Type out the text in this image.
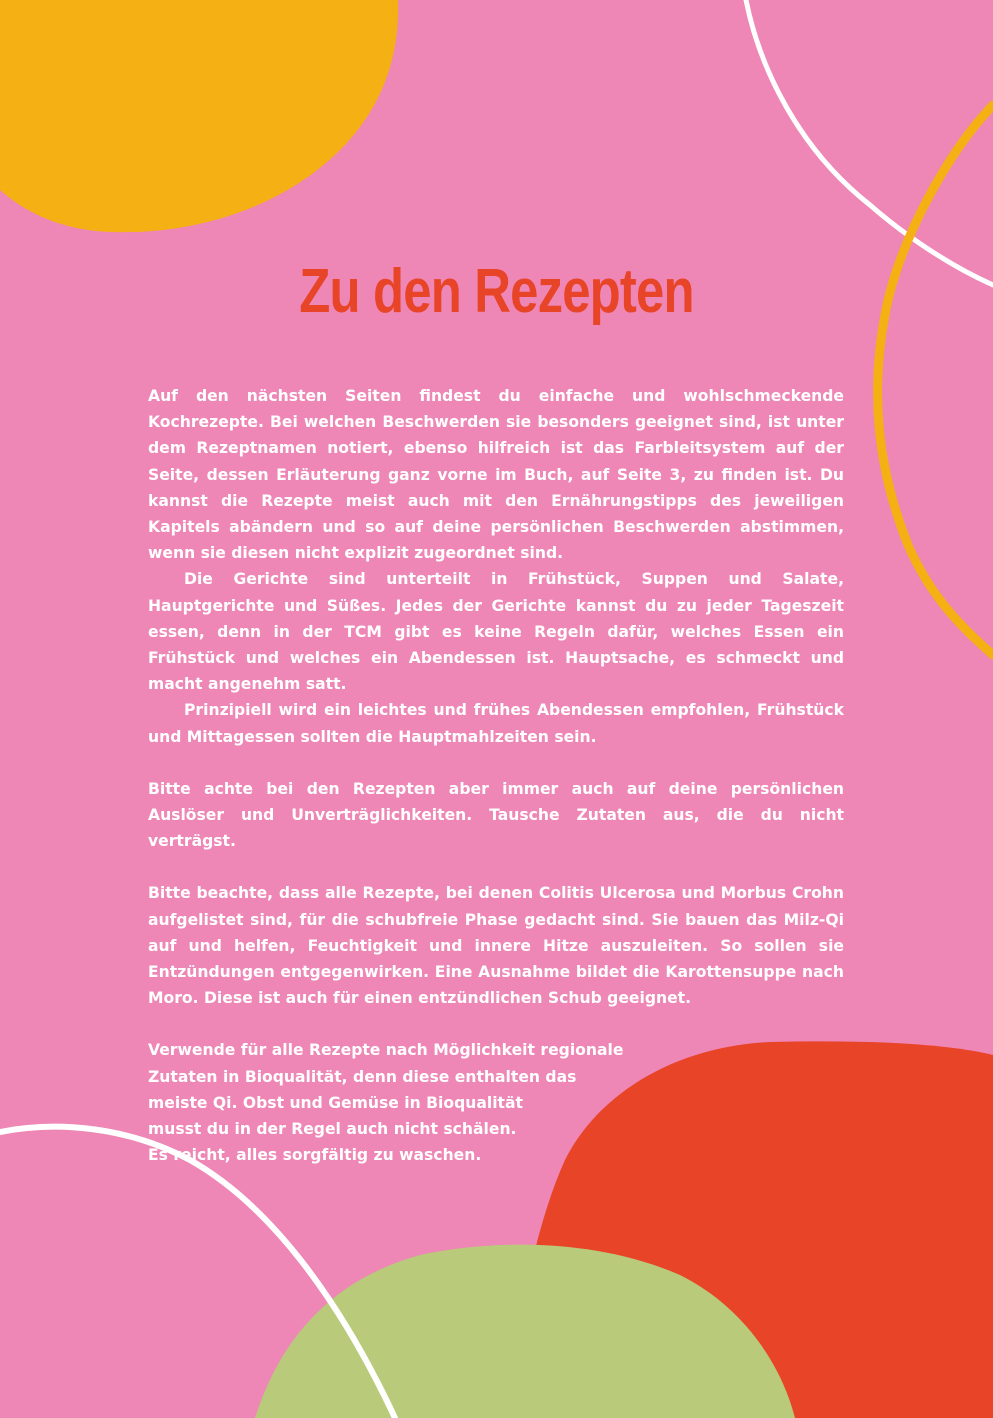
Zu den Rezepten

Auf den nächsten Seiten findest du einfache und wohlschmeckende Kochrezepte. Bei welchen Beschwerden sie besonders geeignet sind, ist unter dem Rezeptnamen notiert, ebenso hilfreich ist das Farbleitsystem auf der Seite, dessen Erläuterung ganz vorne im Buch, auf Seite 3, zu finden ist. Du kannst die Rezepte meist auch mit den Ernährungstipps des jeweiligen Kapitels abändern und so auf deine persönlichen Beschwerden abstimmen, wenn sie diesen nicht explizit zugeordnet sind.

Die Gerichte sind unterteilt in Frühstück, Suppen und Salate, Hauptgerichte und Süßes. Jedes der Gerichte kannst du zu jeder Tageszeit essen, denn in der TCM gibt es keine Regeln dafür, welches Essen ein Frühstück und welches ein Abendessen ist. Hauptsache, es schmeckt und macht angenehm satt.

Prinzipiell wird ein leichtes und frühes Abendessen empfohlen, Frühstück und Mittagessen sollten die Hauptmahlzeiten sein.

Bitte achte bei den Rezepten aber immer auch auf deine persönlichen Auslöser und Unverträglichkeiten. Tausche Zutaten aus, die du nicht verträgst.

Bitte beachte, dass alle Rezepte, bei denen Colitis Ulcerosa und Morbus Crohn aufgelistet sind, für die schubfreie Phase gedacht sind. Sie bauen das Milz-Qi auf und helfen, Feuchtigkeit und innere Hitze auszuleiten. So sollen sie Entzündungen entgegenwirken. Eine Ausnahme bildet die Karottensuppe nach Moro. Diese ist auch für einen entzündlichen Schub geeignet.

Verwende für alle Rezepte nach Möglichkeit regionale
Zutaten in Bioqualität, denn diese enthalten das
meiste Qi. Obst und Gemüse in Bioqualität
musst du in der Regel auch nicht schälen.
Es reicht, alles sorgfältig zu waschen.
